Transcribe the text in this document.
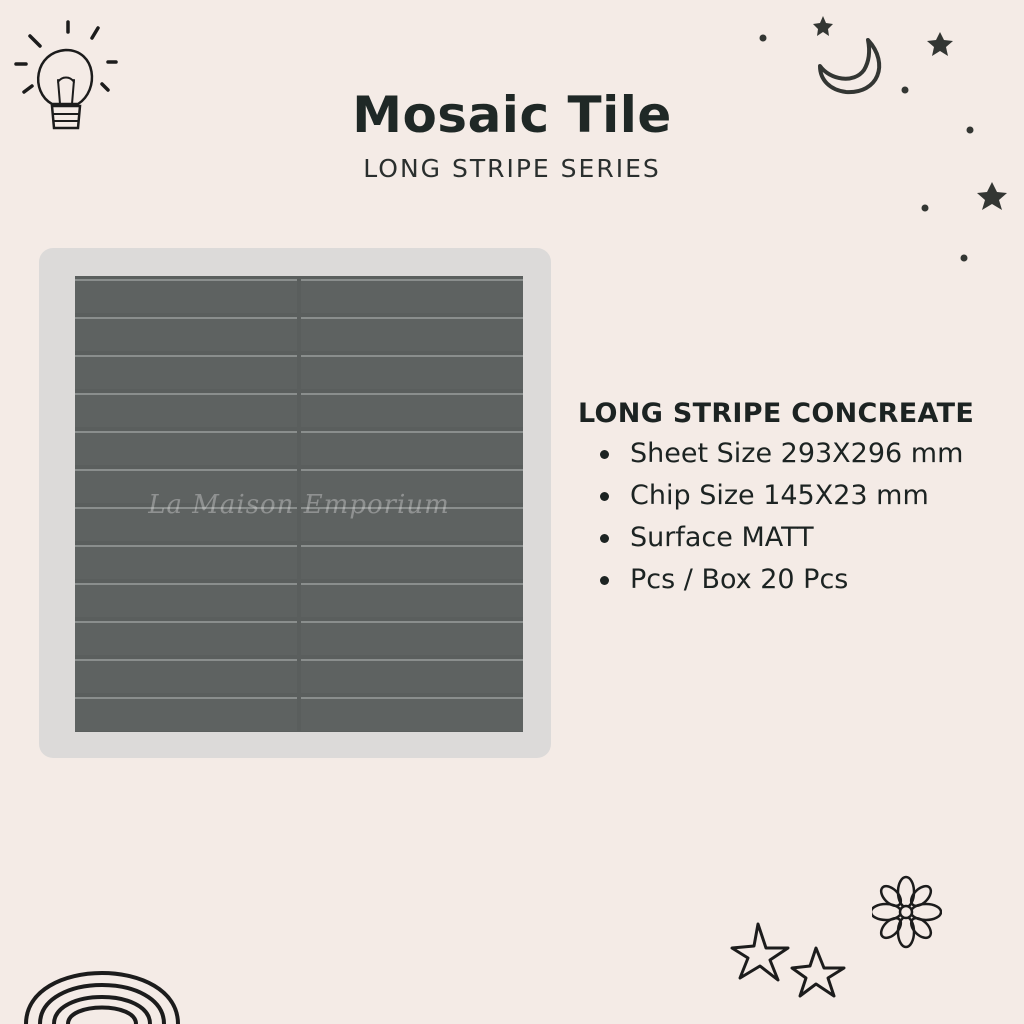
Mosaic Tile
LONG STRIPE SERIES
La Maison Emporium
LONG STRIPE CONCREATE
Sheet Size 293X296 mm
Chip Size 145X23 mm
Surface MATT
Pcs / Box 20 Pcs
